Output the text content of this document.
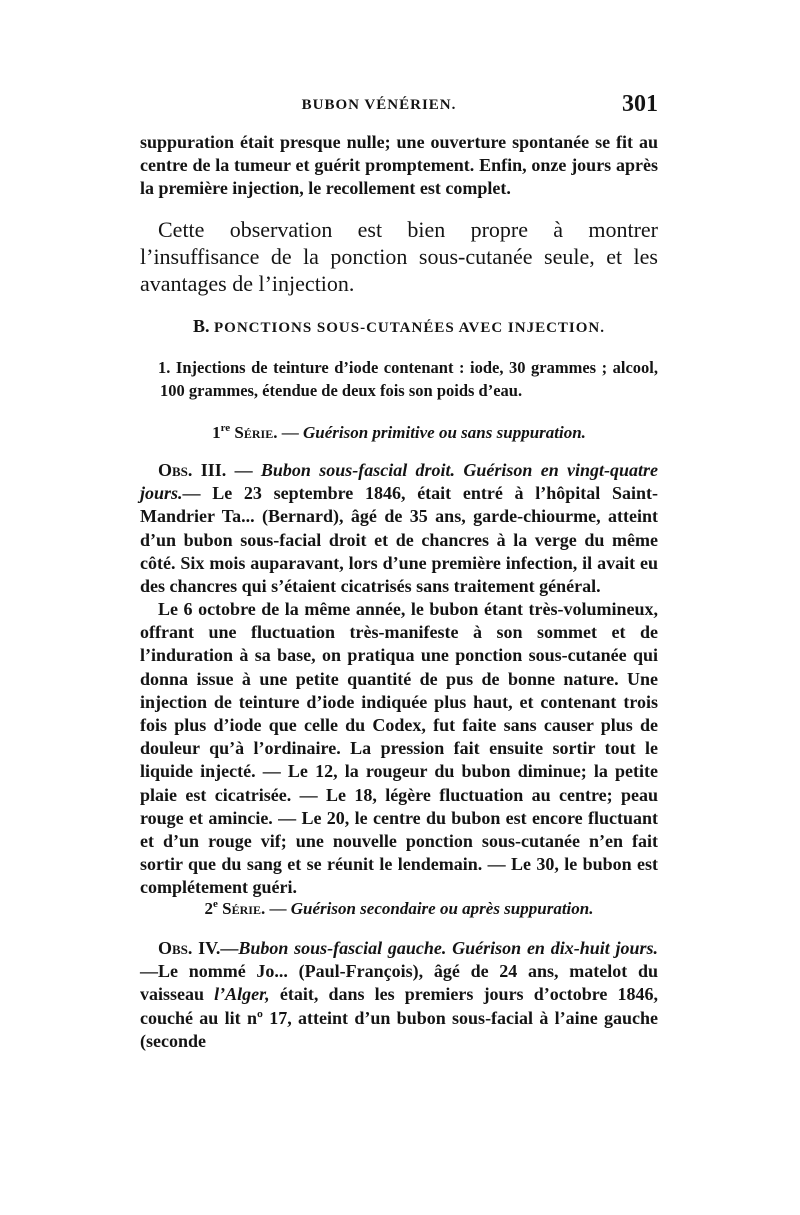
BUBON VÉNÉRIEN.	301

suppuration était presque nulle; une ouverture spontanée se fit au centre de la tumeur et guérit promptement. Enfin, onze jours après la première injection, le recollement est complet.

Cette observation est bien propre à montrer l’insuffisance de la ponction sous-cutanée seule, et les avantages de l’injection.

B. PONCTIONS SOUS-CUTANÉES AVEC INJECTION.

1. Injections de teinture d’iode contenant : iode, 30 grammes ; alcool, 100 grammes, étendue de deux fois son poids d’eau.

1re Série. — Guérison primitive ou sans suppuration.

Obs. III. — Bubon sous-fascial droit. Guérison en vingt-quatre jours.— Le 23 septembre 1846, était entré à l’hôpital Saint-Mandrier Ta... (Bernard), âgé de 35 ans, garde-chiourme, atteint d’un bubon sous-facial droit et de chancres à la verge du même côté. Six mois auparavant, lors d’une première infection, il avait eu des chancres qui s’étaient cicatrisés sans traitement général.

Le 6 octobre de la même année, le bubon étant très-volumineux, offrant une fluctuation très-manifeste à son sommet et de l’induration à sa base, on pratiqua une ponction sous-cutanée qui donna issue à une petite quantité de pus de bonne nature. Une injection de teinture d’iode indiquée plus haut, et contenant trois fois plus d’iode que celle du Codex, fut faite sans causer plus de douleur qu’à l’ordinaire. La pression fait ensuite sortir tout le liquide injecté. — Le 12, la rougeur du bubon diminue; la petite plaie est cicatrisée. — Le 18, légère fluctuation au centre; peau rouge et amincie. — Le 20, le centre du bubon est encore fluctuant et d’un rouge vif; une nouvelle ponction sous-cutanée n’en fait sortir que du sang et se réunit le lendemain. — Le 30, le bubon est complétement guéri.

2e Série. — Guérison secondaire ou après suppuration.

Obs. IV.—Bubon sous-fascial gauche. Guérison en dix-huit jours.—Le nommé Jo... (Paul-François), âgé de 24 ans, matelot du vaisseau l’Alger, était, dans les premiers jours d’octobre 1846, couché au lit nº 17, atteint d’un bubon sous-facial à l’aine gauche (seconde
